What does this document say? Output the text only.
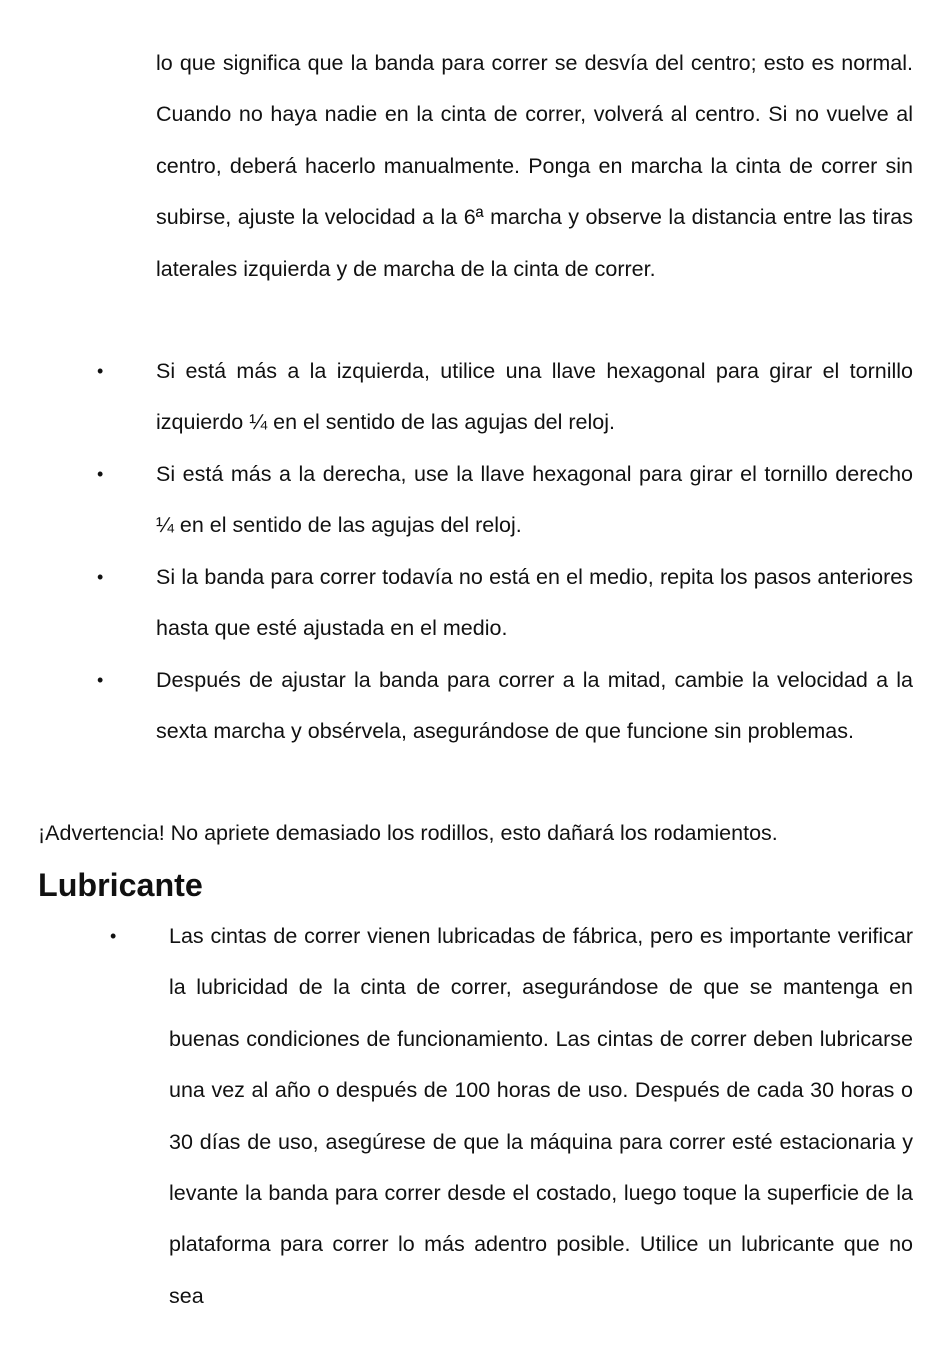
lo que significa que la banda para correr se desvía del centro; esto es normal. Cuando no haya nadie en la cinta de correr, volverá al centro. Si no vuelve al centro, deberá hacerlo manualmente. Ponga en marcha la cinta de correr sin subirse, ajuste la velocidad a la 6ª marcha y observe la distancia entre las tiras laterales izquierda y de marcha de la cinta de correr.

• Si está más a la izquierda, utilice una llave hexagonal para girar el tornillo izquierdo ¼ en el sentido de las agujas del reloj.

• Si está más a la derecha, use la llave hexagonal para girar el tornillo derecho ¼ en el sentido de las agujas del reloj.

• Si la banda para correr todavía no está en el medio, repita los pasos anteriores hasta que esté ajustada en el medio.

• Después de ajustar la banda para correr a la mitad, cambie la velocidad a la sexta marcha y obsérvela, asegurándose de que funcione sin problemas.

¡Advertencia! No apriete demasiado los rodillos, esto dañará los rodamientos.

Lubricante
• Las cintas de correr vienen lubricadas de fábrica, pero es importante verificar la lubricidad de la cinta de correr, asegurándose de que se mantenga en buenas condiciones de funcionamiento. Las cintas de correr deben lubricarse una vez al año o después de 100 horas de uso. Después de cada 30 horas o 30 días de uso, asegúrese de que la máquina para correr esté estacionaria y levante la banda para correr desde el costado, luego toque la superficie de la plataforma para correr lo más adentro posible. Utilice un lubricante que no sea
